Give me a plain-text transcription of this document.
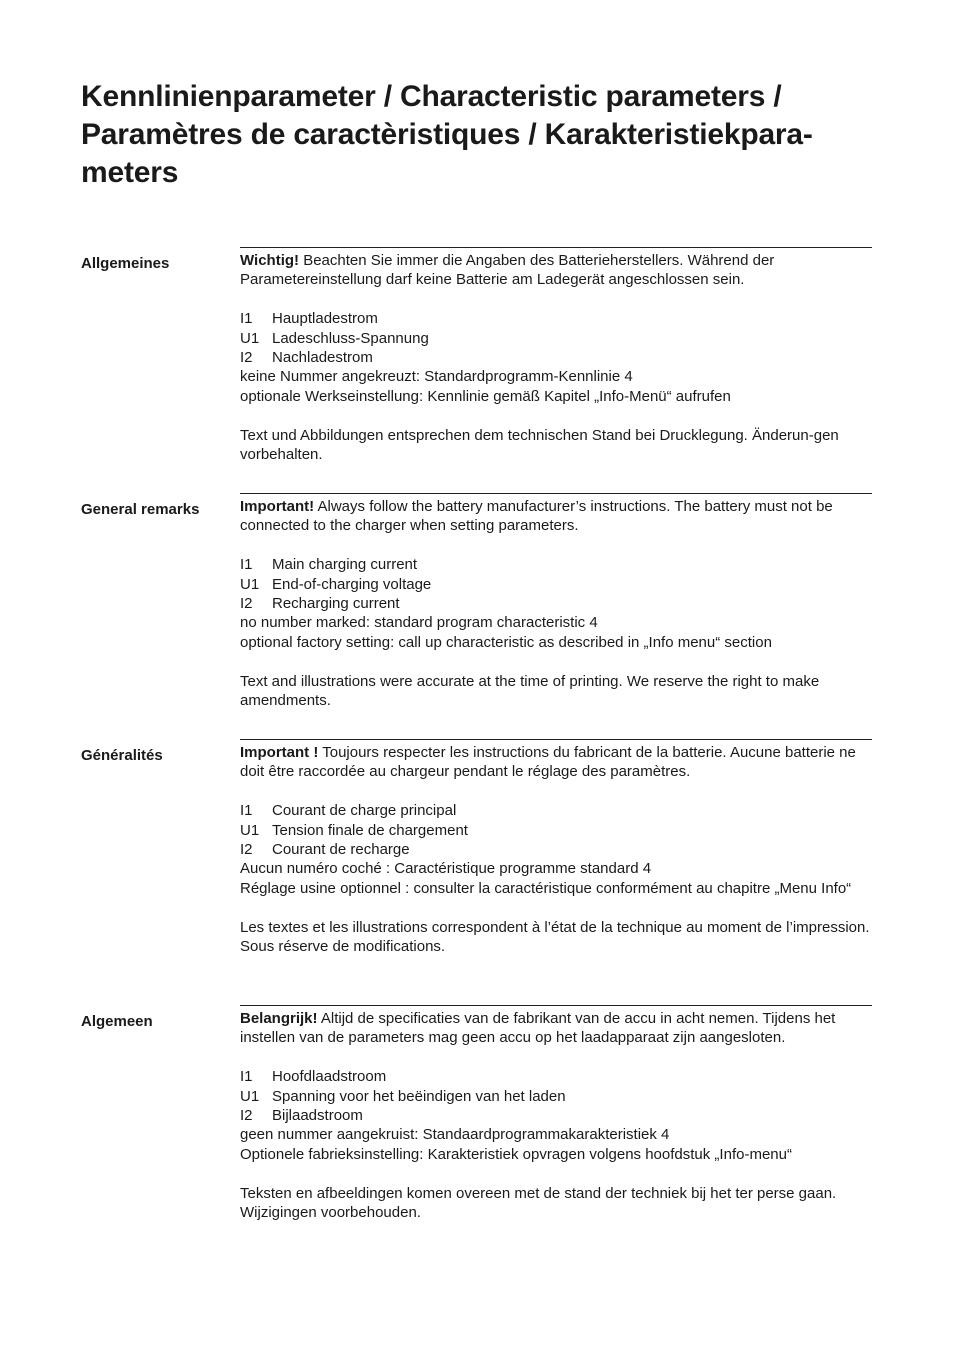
Kennlinienparameter / Characteristic parameters /
Paramètres de caractèristiques / Karakteristiekpara-
meters
Allgemeines	Wichtig! Beachten Sie immer die Angaben des Batterieherstellers. Während der Parametereinstellung darf keine Batterie am Ladegerät angeschlossen sein.

I1	Hauptladestrom
U1 Ladeschluss-Spannung
I2	Nachladestrom

keine Nummer angekreuzt: Standardprogramm-Kennlinie 4

optionale Werkseinstellung: Kennlinie gemäß Kapitel „Info-Menü“ aufrufen

Text und Abbildungen entsprechen dem technischen Stand bei Drucklegung. Änderun-gen vorbehalten.

General remarks	Important! Always follow the battery manufacturer’s instructions. The battery must not be connected to the charger when setting parameters.

I1	Main charging current
U1 End-of-charging voltage
I2	Recharging current

no number marked: standard program characteristic 4

optional factory setting: call up characteristic as described in „Info menu“ section

Text and illustrations were accurate at the time of printing. We reserve the right to make amendments.

Généralités	Important ! Toujours respecter les instructions du fabricant de la batterie. Aucune batterie ne doit être raccordée au chargeur pendant le réglage des paramètres.

I1	Courant de charge principal
U1 Tension finale de chargement
I2	Courant de recharge

Aucun numéro coché : Caractéristique programme standard 4

Réglage usine optionnel : consulter la caractéristique conformément au chapitre „Menu Info“

Les textes et les illustrations correspondent à l’état de la technique au moment de l’impression. Sous réserve de modifications.

Algemeen	Belangrijk! Altijd de specificaties van de fabrikant van de accu in acht nemen. Tijdens het instellen van de parameters mag geen accu op het laadapparaat zijn aangesloten.

I1	Hoofdlaadstroom
U1 Spanning voor het beëindigen van het laden
I2	Bijlaadstroom

geen nummer aangekruist: Standaardprogrammakarakteristiek 4

Optionele fabrieksinstelling: Karakteristiek opvragen volgens hoofdstuk „Info-menu“

Teksten en afbeeldingen komen overeen met de stand der techniek bij het ter perse gaan. Wijzigingen voorbehouden.
